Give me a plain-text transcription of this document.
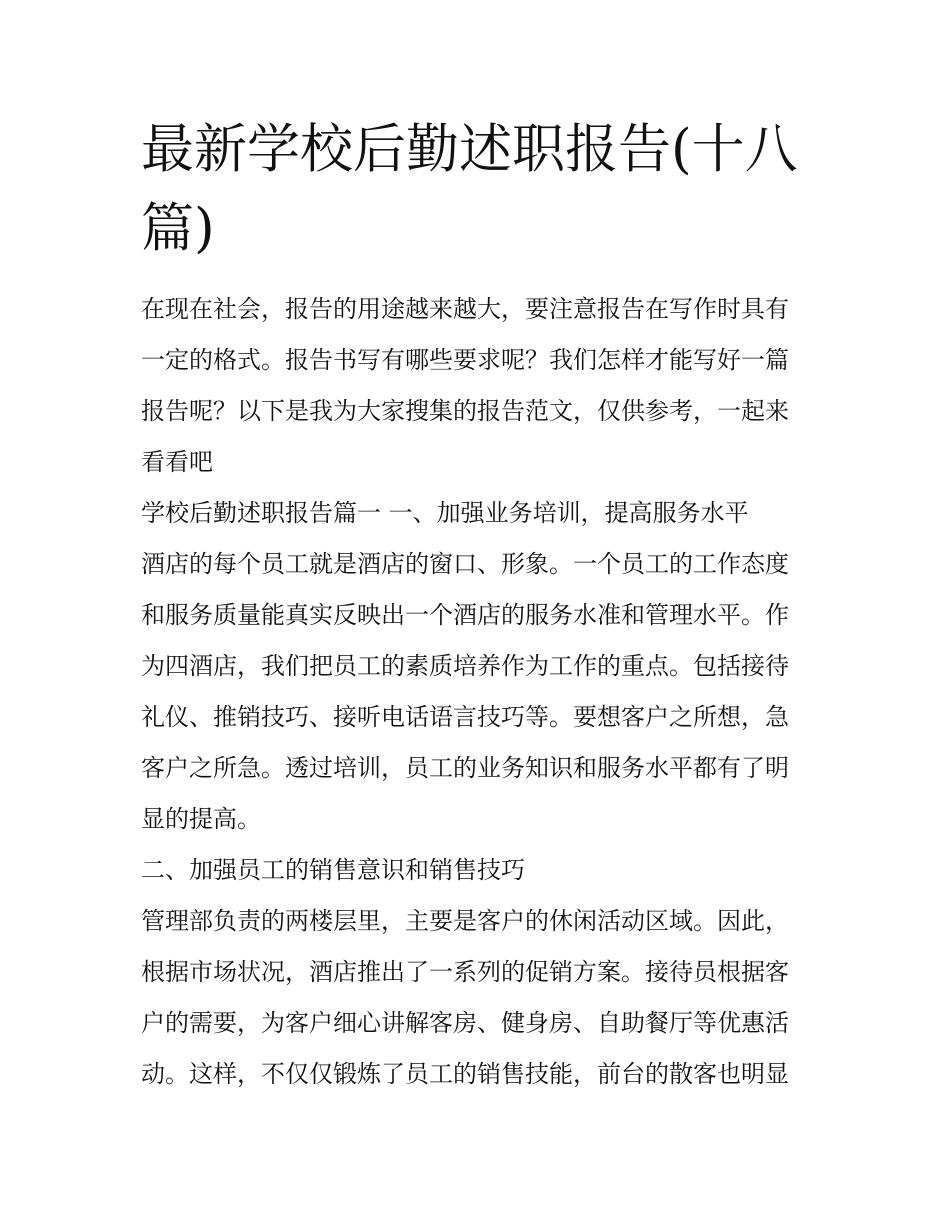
最新学校后勤述职报告(十八
篇)

在现在社会，报告的用途越来越大，要注意报告在写作时具有
一定的格式。报告书写有哪些要求呢？我们怎样才能写好一篇
报告呢？以下是我为大家搜集的报告范文，仅供参考，一起来
看看吧

学校后勤述职报告篇一 一、加强业务培训，提高服务水平

酒店的每个员工就是酒店的窗口、形象。一个员工的工作态度
和服务质量能真实反映出一个酒店的服务水准和管理水平。作
为四酒店，我们把员工的素质培养作为工作的重点。包括接待
礼仪、推销技巧、接听电话语言技巧等。要想客户之所想，急
客户之所急。透过培训，员工的业务知识和服务水平都有了明
显的提高。

二、加强员工的销售意识和销售技巧

管理部负责的两楼层里，主要是客户的休闲活动区域。因此，
根据市场状况，酒店推出了一系列的促销方案。接待员根据客
户的需要，为客户细心讲解客房、健身房、自助餐厅等优惠活
动。这样，不仅仅锻炼了员工的销售技能，前台的散客也明显
